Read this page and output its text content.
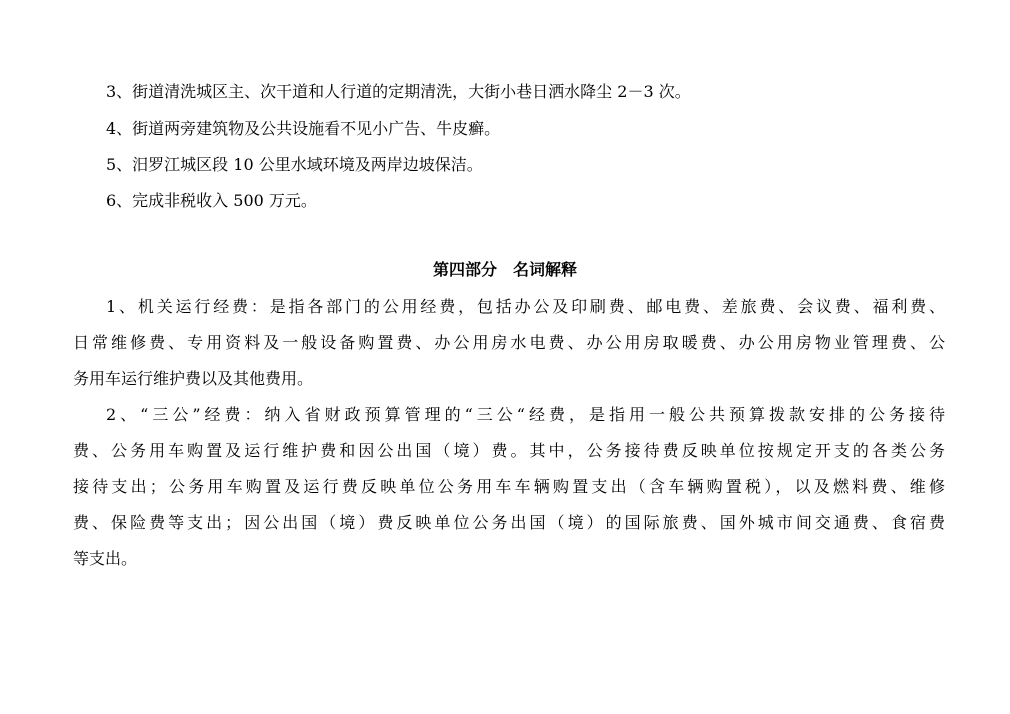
3、街道清洗城区主、次干道和人行道的定期清洗，大街小巷日洒水降尘 2－3 次。
4、街道两旁建筑物及公共设施看不见小广告、牛皮癣。
5、汨罗江城区段 10 公里水域环境及两岸边坡保洁。
6、完成非税收入 500 万元。
第四部分　名词解释
1、机关运行经费：是指各部门的公用经费，包括办公及印刷费、邮电费、差旅费、会议费、福利费、
日常维修费、专用资料及一般设备购置费、办公用房水电费、办公用房取暖费、办公用房物业管理费、公
务用车运行维护费以及其他费用。
2、“三公”经费：纳入省财政预算管理的“三公“经费，是指用一般公共预算拨款安排的公务接待
费、公务用车购置及运行维护费和因公出国（境）费。其中，公务接待费反映单位按规定开支的各类公务
接待支出；公务用车购置及运行费反映单位公务用车车辆购置支出（含车辆购置税），以及燃料费、维修
费、保险费等支出；因公出国（境）费反映单位公务出国（境）的国际旅费、国外城市间交通费、食宿费
等支出。
